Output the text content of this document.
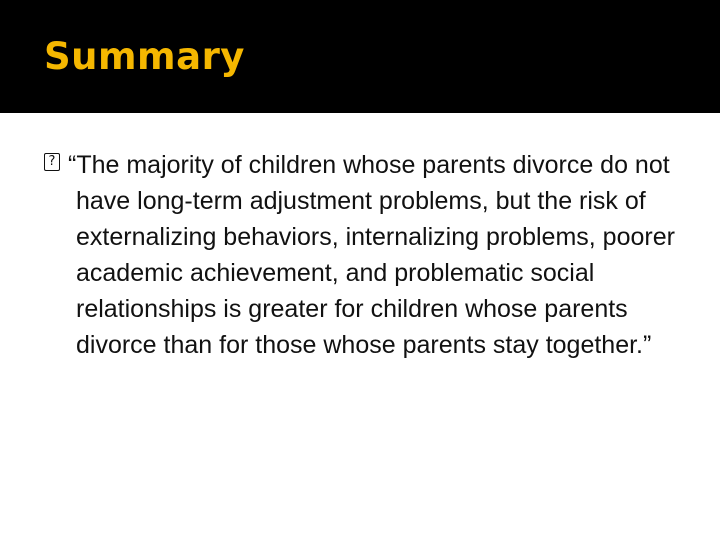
Summary
? “The majority of children whose parents divorce do not have long-term adjustment problems, but the risk of externalizing behaviors, internalizing problems, poorer academic achievement, and problematic social relationships is greater for children whose parents divorce than for those whose parents stay together.”
